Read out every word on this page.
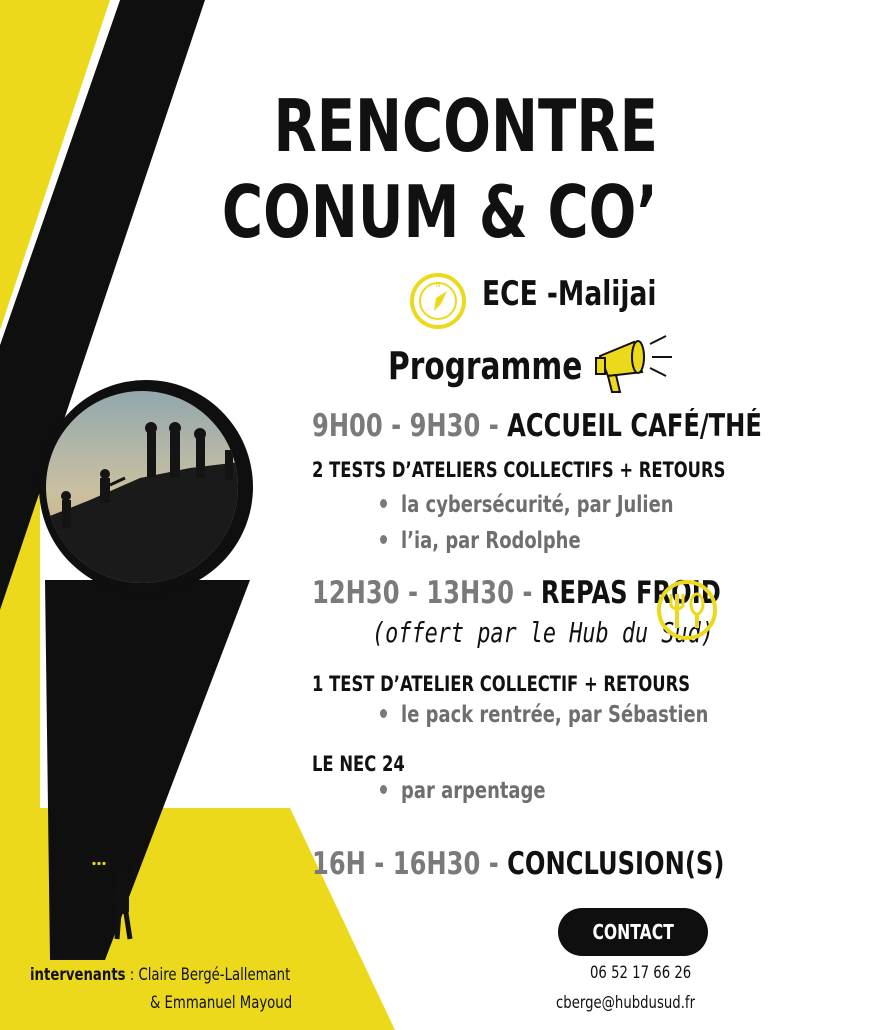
RENCONTRE
CONUM & CO’
N ECE -Malijai
Programme
9H00 - 9H30 - ACCUEIL CAFÉ/THÉ
2 TESTS D’ATELIERS COLLECTIFS + RETOURS
la cybersécurité, par Julien
l’ia, par Rodolphe
12H30 - 13H30 - REPAS FROID
(offert par le Hub du Sud)
1 TEST D’ATELIER COLLECTIF + RETOURS
le pack rentrée, par Sébastien
LE NEC 24
par arpentage
16H - 16H30 - CONCLUSION(S)
CONTACT
06 52 17 66 26
cberge@hubdusud.fr
intervenants : Claire Bergé-Lallemant
& Emmanuel Mayoud
